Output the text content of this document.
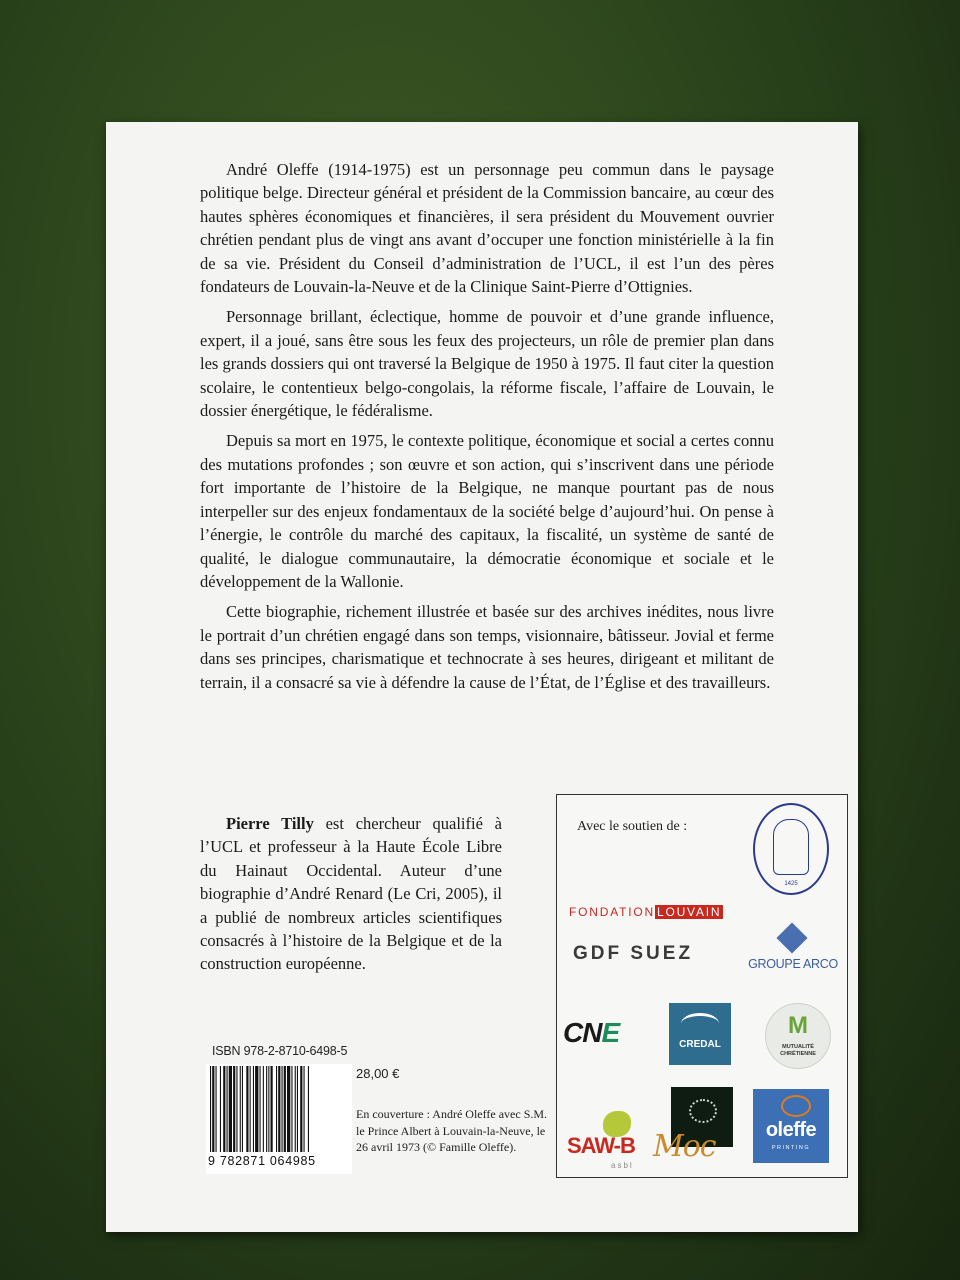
André Oleffe (1914-1975) est un personnage peu commun dans le paysage politique belge. Directeur général et président de la Commission bancaire, au cœur des hautes sphères économiques et financières, il sera président du Mouvement ouvrier chrétien pendant plus de vingt ans avant d’occuper une fonction ministérielle à la fin de sa vie. Président du Conseil d’administration de l’UCL, il est l’un des pères fondateurs de Louvain-la-Neuve et de la Clinique Saint-Pierre d’Ottignies.

Personnage brillant, éclectique, homme de pouvoir et d’une grande influence, expert, il a joué, sans être sous les feux des projecteurs, un rôle de premier plan dans les grands dossiers qui ont traversé la Belgique de 1950 à 1975. Il faut citer la question scolaire, le contentieux belgo-congolais, la réforme fiscale, l’affaire de Louvain, le dossier énergétique, le fédéralisme.

Depuis sa mort en 1975, le contexte politique, économique et social a certes connu des mutations profondes ; son œuvre et son action, qui s’inscrivent dans une période fort importante de l’histoire de la Belgique, ne manque pourtant pas de nous interpeller sur des enjeux fondamentaux de la société belge d’aujourd’hui. On pense à l’énergie, le contrôle du marché des capitaux, la fiscalité, un système de santé de qualité, le dialogue communautaire, la démocratie économique et sociale et le développement de la Wallonie.

Cette biographie, richement illustrée et basée sur des archives inédites, nous livre le portrait d’un chrétien engagé dans son temps, visionnaire, bâtisseur. Jovial et ferme dans ses principes, charismatique et technocrate à ses heures, dirigeant et militant de terrain, il a consacré sa vie à défendre la cause de l’État, de l’Église et des travailleurs.

Pierre Tilly est chercheur qualifié à l’UCL et professeur à la Haute École Libre du Hainaut Occidental. Auteur d’une biographie d’André Renard (Le Cri, 2005), il a publié de nombreux articles scientifiques consacrés à l’histoire de la Belgique et de la construction européenne.

ISBN 978-2-8710-6498-5
9 782871 064985
28,00 €
En couverture : André Oleffe avec S.M. le Prince Albert à Louvain-la-Neuve, le 26 avril 1973 (© Famille Oleffe).
Avec le soutien de :
1425
FONDATION LOUVAIN
GDF SUEZ	GROUPE ARCO
CNE	CREDAL
M
MUTUALITÉ CHRÉTIENNE
SAW-B
asbl
Moc	oleffe
PRINTING
